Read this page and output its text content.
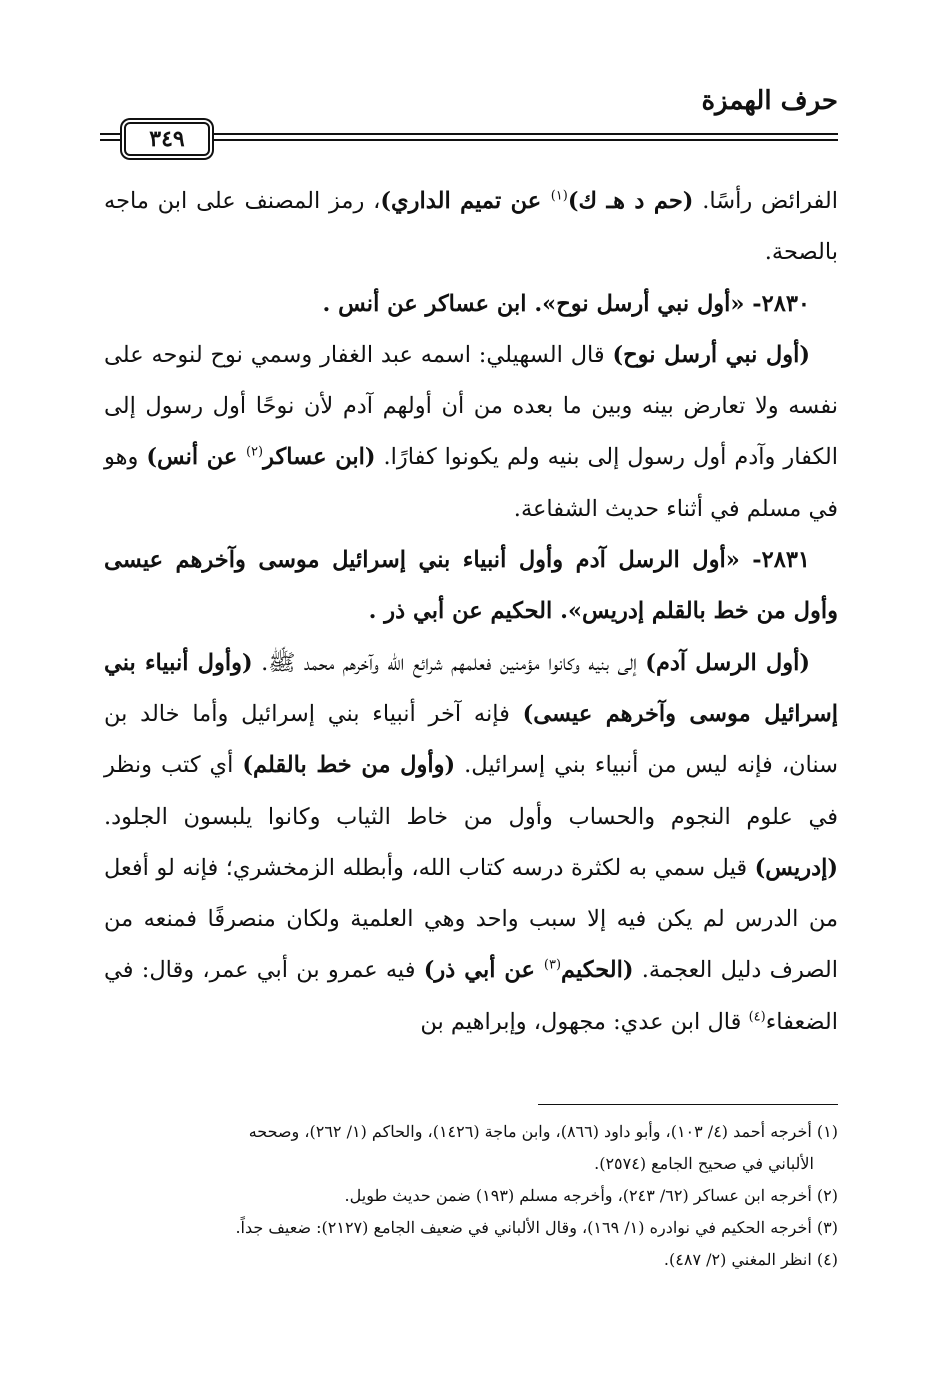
حرف الهمزة
٣٤٩

الفرائض رأسًا. (حم د هـ ك)$^{(١)}$ عن تميم الداري)، رمز المصنف على ابن ماجه بالصحة.

٢٨٣٠- «أول نبي أرسل نوح». ابن عساكر عن أنس .

(أول نبي أرسل نوح) قال السهيلي: اسمه عبد الغفار وسمي نوح لنوحه على نفسه ولا تعارض بينه وبين ما بعده من أن أولهم آدم لأن نوحًا أول رسول إلى الكفار وآدم أول رسول إلى بنيه ولم يكونوا كفارًا. (ابن عساكر$^{(٢)}$ عن أنس) وهو في مسلم في أثناء حديث الشفاعة.

٢٨٣١- «أول الرسل آدم وأول أنبياء بني إسرائيل موسى وآخرهم عيسى وأول من خط بالقلم إدريس». الحكيم عن أبي ذر .

(أول الرسل آدم) إلى بنيه وكانوا مؤمنين فعلمهم شرائع الله وآخرهم محمد ﷺ. (وأول أنبياء بني إسرائيل موسى وآخرهم عيسى) فإنه آخر أنبياء بني إسرائيل وأما خالد بن سنان، فإنه ليس من أنبياء بني إسرائيل. (وأول من خط بالقلم) أي كتب ونظر في علوم النجوم والحساب وأول من خاط الثياب وكانوا يلبسون الجلود. (إدريس) قيل سمي به لكثرة درسه كتاب الله، وأبطله الزمخشري؛ فإنه لو أفعل من الدرس لم يكن فيه إلا سبب واحد وهي العلمية ولكان منصرفًا فمنعه من الصرف دليل العجمة. (الحكيم$^{(٣)}$ عن أبي ذر) فيه عمرو بن أبي عمر، وقال: في الضعفاء$^{(٤)}$ قال ابن عدي: مجهول، وإبراهيم بن

(١) أخرجه أحمد (٤/ ١٠٣)، وأبو داود (٨٦٦)، وابن ماجة (١٤٢٦)، والحاكم (١/ ٢٦٢)، وصححه

الألباني في صحيح الجامع (٢٥٧٤).

(٢) أخرجه ابن عساكر (٦٢/ ٢٤٣)، وأخرجه مسلم (١٩٣) ضمن حديث طويل.

(٣) أخرجه الحكيم في نوادره (١/ ١٦٩)، وقال الألباني في ضعيف الجامع (٢١٢٧): ضعيف جداً.

(٤) انظر المغني (٢/ ٤٨٧).
